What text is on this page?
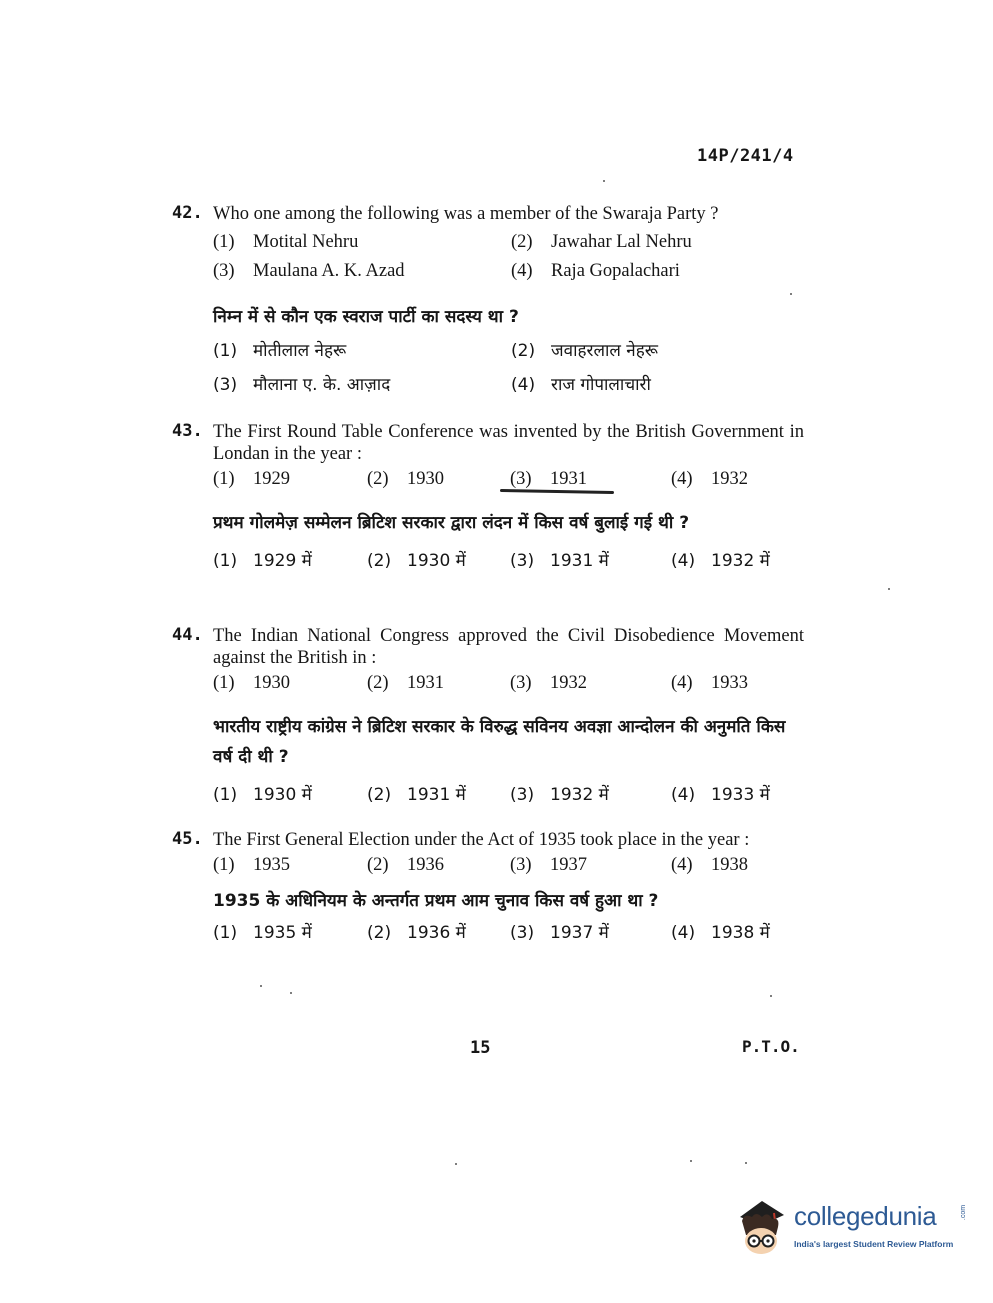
14P/241/4
42. Who one among the following was a member of the Swaraja Party ?
(1) Motital Nehru	(2) Jawahar Lal Nehru
(3) Maulana A. K. Azad	(4) Raja Gopalachari
निम्न में से कौन एक स्वराज पार्टी का सदस्य था ?
(1) मोतीलाल नेहरू	(2) जवाहरलाल नेहरू
(3) मौलाना ए. के. आज़ाद	(4) राज गोपालाचारी
43. The First Round Table Conference was invented by the British Government in Londan in the year :
(1) 1929	(2) 1930	(3) 1931	(4) 1932
प्रथम गोलमेज़ सम्मेलन ब्रिटिश सरकार द्वारा लंदन में किस वर्ष बुलाई गई थी ?
(1) 1929 में	(2) 1930 में	(3) 1931 में	(4) 1932 में
44. The Indian National Congress approved the Civil Disobedience Movement against the British in :
(1) 1930	(2) 1931	(3) 1932	(4) 1933
भारतीय राष्ट्रीय कांग्रेस ने ब्रिटिश सरकार के विरुद्ध सविनय अवज्ञा आन्दोलन की अनुमति किस वर्ष दी थी ?
(1) 1930 में	(2) 1931 में	(3) 1932 में	(4) 1933 में
45. The First General Election under the Act of 1935 took place in the year :
(1) 1935	(2) 1936	(3) 1937	(4) 1938
1935 के अधिनियम के अन्तर्गत प्रथम आम चुनाव किस वर्ष हुआ था ?
(1) 1935 में	(2) 1936 में	(3) 1937 में	(4) 1938 में
15	P.T.O.
collegedunia	.com
India's largest Student Review Platform
